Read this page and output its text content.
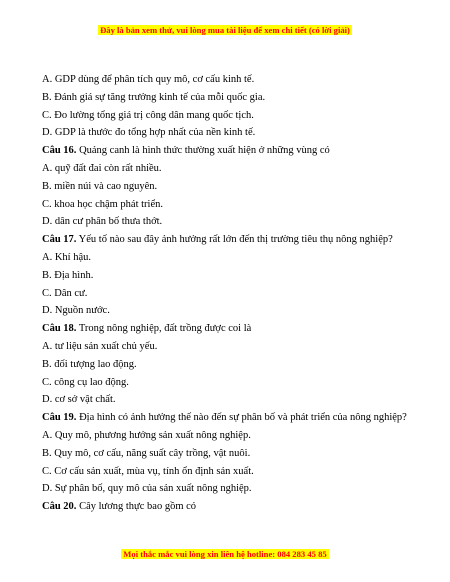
Đây là bản xem thử, vui lòng mua tài liệu để xem chi tiết (có lời giải)
A. GDP dùng để phân tích quy mô, cơ cấu kinh tế.
B. Đánh giá sự tăng trưởng kinh tế của mỗi quốc gia.
C. Đo lường tổng giá trị công dân mang quốc tịch.
D. GDP là thước đo tổng hợp nhất của nền kinh tế.
Câu 16. Quảng canh là hình thức thường xuất hiện ở những vùng có
A. quỹ đất đai còn rất nhiều.
B. miền núi và cao nguyên.
C. khoa học chậm phát triển.
D. dân cư phân bố thưa thớt.
Câu 17. Yếu tố nào sau đây ảnh hưởng rất lớn đến thị trường tiêu thụ nông nghiệp?
A. Khí hậu.
B. Địa hình.
C. Dân cư.
D. Nguồn nước.
Câu 18. Trong nông nghiệp, đất trồng được coi là
A. tư liệu sản xuất chủ yếu.
B. đối tượng lao động.
C. công cụ lao động.
D. cơ sở vật chất.
Câu 19. Địa hình có ảnh hưởng thế nào đến sự phân bố và phát triển của nông nghiệp?
A. Quy mô, phương hướng sản xuất nông nghiệp.
B. Quy mô, cơ cấu, năng suất cây trồng, vật nuôi.
C. Cơ cấu sản xuất, mùa vụ, tính ổn định sản xuất.
D. Sự phân bố, quy mô của sản xuất nông nghiệp.
Câu 20. Cây lương thực bao gồm có
Mọi thắc mắc vui lòng xin liên hệ hotline: 084 283 45 85
